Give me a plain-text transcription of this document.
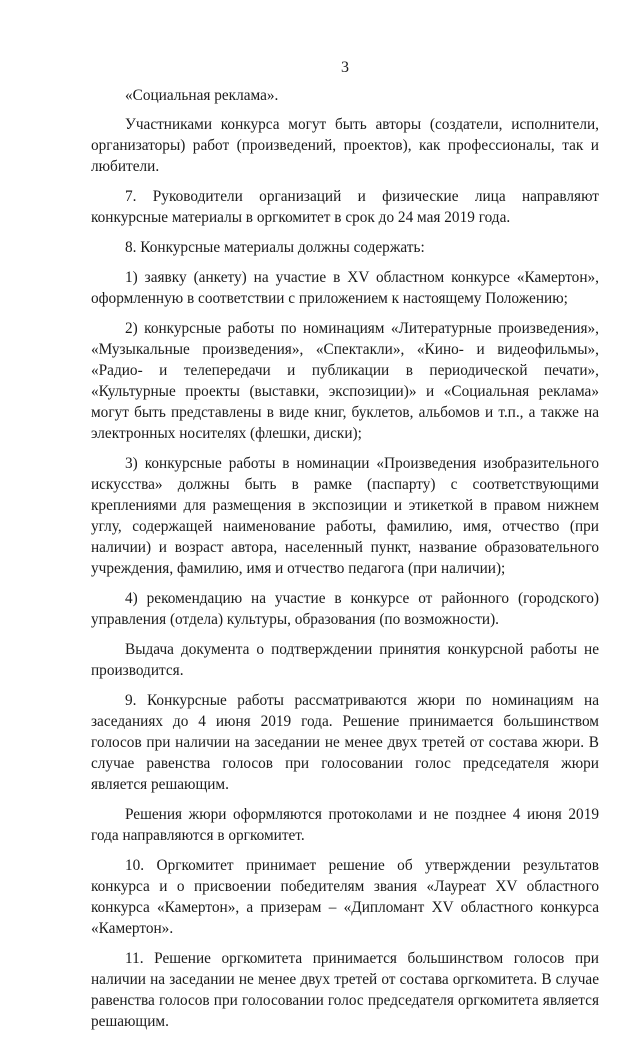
3

«Социальная реклама».

Участниками конкурса могут быть авторы (создатели, исполнители, организаторы) работ (произведений, проектов), как профессионалы, так и любители.

7. Руководители организаций и физические лица направляют конкурсные материалы в оргкомитет в срок до 24 мая 2019 года.

8. Конкурсные материалы должны содержать:

1) заявку (анкету) на участие в XV областном конкурсе «Камертон», оформленную в соответствии с приложением к настоящему Положению;

2) конкурсные работы по номинациям «Литературные произведения», «Музыкальные произведения», «Спектакли», «Кино- и видеофильмы», «Радио- и телепередачи и публикации в периодической печати», «Культурные проекты (выставки, экспозиции)» и «Социальная реклама» могут быть представлены в виде книг, буклетов, альбомов и т.п., а также на электронных носителях (флешки, диски);

3) конкурсные работы в номинации «Произведения изобразительного искусства» должны быть в рамке (паспарту) с соответствующими креплениями для размещения в экспозиции и этикеткой в правом нижнем углу, содержащей наименование работы, фамилию, имя, отчество (при наличии) и возраст автора, населенный пункт, название образовательного учреждения, фамилию, имя и отчество педагога (при наличии);

4) рекомендацию на участие в конкурсе от районного (городского) управления (отдела) культуры, образования (по возможности).

Выдача документа о подтверждении принятия конкурсной работы не производится.

9. Конкурсные работы рассматриваются жюри по номинациям на заседаниях до 4 июня 2019 года. Решение принимается большинством голосов при наличии на заседании не менее двух третей от состава жюри. В случае равенства голосов при голосовании голос председателя жюри является решающим.

Решения жюри оформляются протоколами и не позднее 4 июня 2019 года направляются в оргкомитет.

10. Оргкомитет принимает решение об утверждении результатов конкурса и о присвоении победителям звания «Лауреат XV областного конкурса «Камертон», а призерам – «Дипломант XV областного конкурса «Камертон».

11. Решение оргкомитета принимается большинством голосов при наличии на заседании не менее двух третей от состава оргкомитета. В случае равенства голосов при голосовании голос председателя оргкомитета является решающим.
